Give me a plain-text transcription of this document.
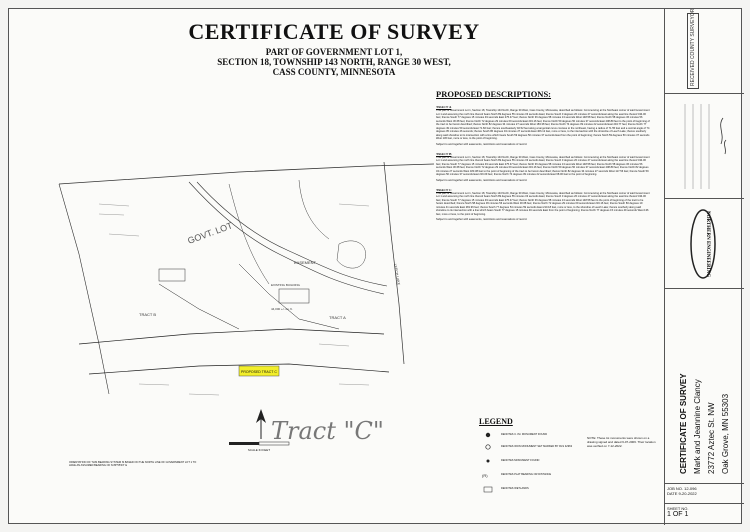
CERTIFICATE OF SURVEY
PART OF GOVERNMENT LOT 1,
SECTION 18, TOWNSHIP 143 NORTH, RANGE 30 WEST,
CASS COUNTY, MINNESOTA
PROPOSED DESCRIPTIONS:
TRACT A
That part of Government Lot 1, Section 18, Township 143 North, Range 30 West, Cass County, Minnesota, described as follows: Commencing at the Northeast corner of said Government Lot 1 and assuming the north line thereof bears North 89 degrees 55 minutes 03 seconds East; thence South 0 degrees 20 minutes 47 seconds East along the east line thereof 434.00 feet; thence South 77 degrees 15 minutes 49 seconds East 275.47 feet; thence North 36 degrees 58 minutes 13 seconds West 148.58 feet; thence North 58 degrees 36 minutes 56 seconds West 30.68 feet; thence North 72 degrees 29 minutes 09 seconds East 219.16 feet; thence North 59 degrees 50 minutes 37 seconds East 408.89 feet to the point of beginning of the tract to be herein described; thence North 82 degrees 34 minutes 27 seconds West 183.38 feet; thence North 74 degrees 09 minutes 22 seconds East 204.77 feet; thence North 77 degrees 49 minutes 59 seconds East 71.82 feet; thence southeasterly 92.52 feet along a tangential curve concave to the northeast, having a radius of 71.55 feet and a central angle of 74 degrees 05 minutes 46 seconds; thence South 86 degrees 04 minutes 27 seconds East 406.12 feet, more or less, to the intersection with the shoreline of Leech Lake; thence southerly along said shoreline to its intersection with a line which bears South 59 degrees 50 minutes 37 seconds East from the point of beginning; thence North 59 degrees 50 minutes 37 seconds West 136 feet, more or less, to the point of beginning.
Subject to and together with easements, restrictions and reservations of record.
TRACT B
That part of Government Lot 1, Section 18, Township 143 North, Range 30 West, Cass County, Minnesota, described as follows: Commencing at the Northeast corner of said Government Lot 1 and assuming the north line thereof bears North 89 degrees 55 minutes 03 seconds East; thence South 0 degrees 20 minutes 47 seconds East along the east line thereof 434.00 feet; thence South 77 degrees 15 minutes 49 seconds East 275.47 feet; thence North 36 degrees 58 minutes 13 seconds West 148.58 feet; thence North 58 degrees 36 minutes 56 seconds West 30.68 feet; thence North 72 degrees 29 minutes 09 seconds East 219.16 feet; thence North 59 degrees 50 minutes 37 seconds East 408.89 feet; thence North 82 degrees 34 minutes 27 seconds West 183.38 feet to the point of beginning of the tract to be herein described; thence North 82 degrees 34 minutes 27 seconds West 117.56 feet; thence South 59 degrees 50 minutes 37 seconds East 216.09 feet; thence North 74 degrees 09 minutes 22 seconds East 68.00 feet to the point of beginning.
Subject to and together with easements, restrictions and reservations of record.
TRACT C
That part of Government Lot 1, Section 18, Township 143 North, Range 30 West, Cass County, Minnesota, described as follows: Commencing at the Northeast corner of said Government Lot 1 and assuming the north line thereof bears North 89 degrees 55 minutes 03 seconds East; thence South 0 degrees 20 minutes 47 seconds East along the east line thereof 434.00 feet; thence South 77 degrees 15 minutes 49 seconds East 275.47 feet; thence North 36 degrees 58 minutes 13 seconds West 148.58 feet to the point of beginning of the tract to be herein described; thence North 58 degrees 36 minutes 56 seconds West 30.68 feet; thence North 72 degrees 29 minutes 09 seconds East 219.16 feet; thence South 83 degrees 19 minutes 41 seconds East 281.96 feet; thence South 77 degrees 54 minutes 59 seconds East 210.18 feet, more or less, to the shoreline of Leech Lake; thence southerly along said shoreline to its intersection with a line which bears South 77 degrees 15 minutes 49 seconds East from the point of beginning; thence North 77 degrees 15 minutes 49 seconds West 136 feet, more or less, to the point of beginning.
Subject to and together with easements, restrictions and reservations of record.
GOVT. LOT
EASEMENT
TRACT A
TRACT B
EXISTING BUILDING
44,000 +/- sq. ft.
LEECH LAKE
PROPOSED TRACT C
SCALE IN FEET
ORIENTATION OF THIS BEARING SYSTEM IS BASED ON THE NORTH LINE OF GOVERNMENT LOT 1 TO HAVE AN ASSUMED BEARING OF N 89°55'03" E
Tract "C"	LEGEND
(R)
DENOTES C.I.M. MONUMENT FOUND
DENOTES IRON MONUMENT SET MARKED BY RLS 42963
DENOTES MONUMENT FOUND
DENOTES PLAT BEARING OR DISTANCE
DENOTES WETLANDS
NOTE: These lot monuments were shown on a drawing signed and dated 6-07-2006. Their location was verified on 7-12-2022.
RECEIVED COUNTY SURVEYOR
NORTHERN ENGINEERING
CERTIFICATE OF SURVEY Mark and Jeannine Clancy 23772 Aztec St. NW Oak Grove, MN 55303
JOB NO. 12-096
DATE 9-20-2022
SHEET NO.
1 OF 1
